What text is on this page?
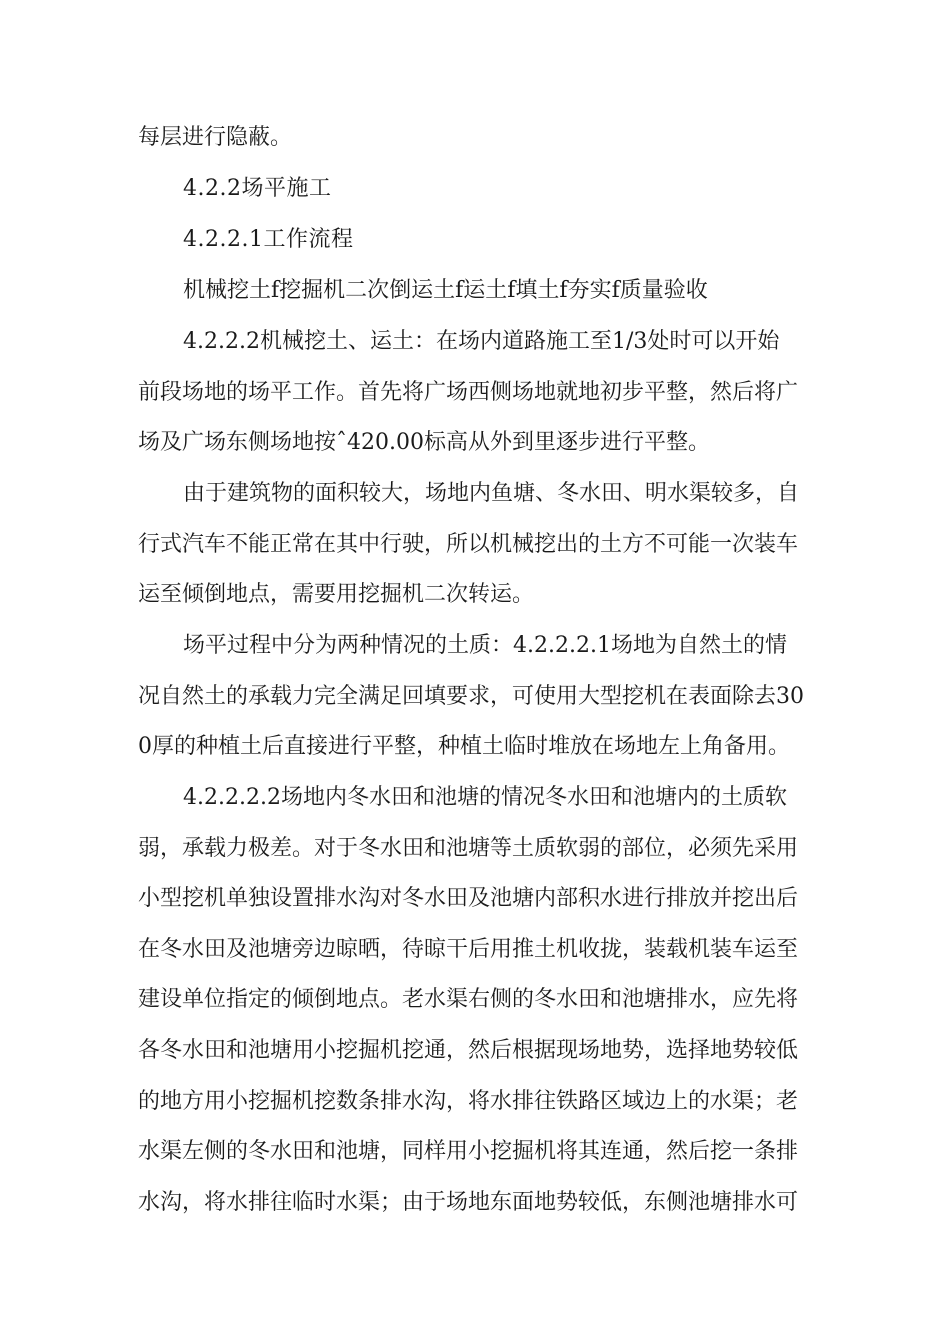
每层进行隐蔽。
4.2.2场平施工
4.2.2.1工作流程
机械挖土f挖掘机二次倒运土f运土f填土f夯实f质量验收
4.2.2.2机械挖土、运土：在场内道路施工至1/3处时可以开始
前段场地的场平工作。首先将广场西侧场地就地初步平整，然后将广
场及广场东侧场地按ˆ420.00标高从外到里逐步进行平整。
由于建筑物的面积较大，场地内鱼塘、冬水田、明水渠较多，自
行式汽车不能正常在其中行驶，所以机械挖出的土方不可能一次装车
运至倾倒地点，需要用挖掘机二次转运。
场平过程中分为两种情况的土质：4.2.2.2.1场地为自然土的情
况自然土的承载力完全满足回填要求，可使用大型挖机在表面除去30
0厚的种植土后直接进行平整，种植土临时堆放在场地左上角备用。
4.2.2.2.2场地内冬水田和池塘的情况冬水田和池塘内的土质软
弱，承载力极差。对于冬水田和池塘等土质软弱的部位，必须先采用
小型挖机单独设置排水沟对冬水田及池塘内部积水进行排放并挖出后
在冬水田及池塘旁边晾晒，待晾干后用推土机收拢，装载机装车运至
建设单位指定的倾倒地点。老水渠右侧的冬水田和池塘排水，应先将
各冬水田和池塘用小挖掘机挖通，然后根据现场地势，选择地势较低
的地方用小挖掘机挖数条排水沟，将水排往铁路区域边上的水渠；老
水渠左侧的冬水田和池塘，同样用小挖掘机将其连通，然后挖一条排
水沟，将水排往临时水渠；由于场地东面地势较低，东侧池塘排水可
